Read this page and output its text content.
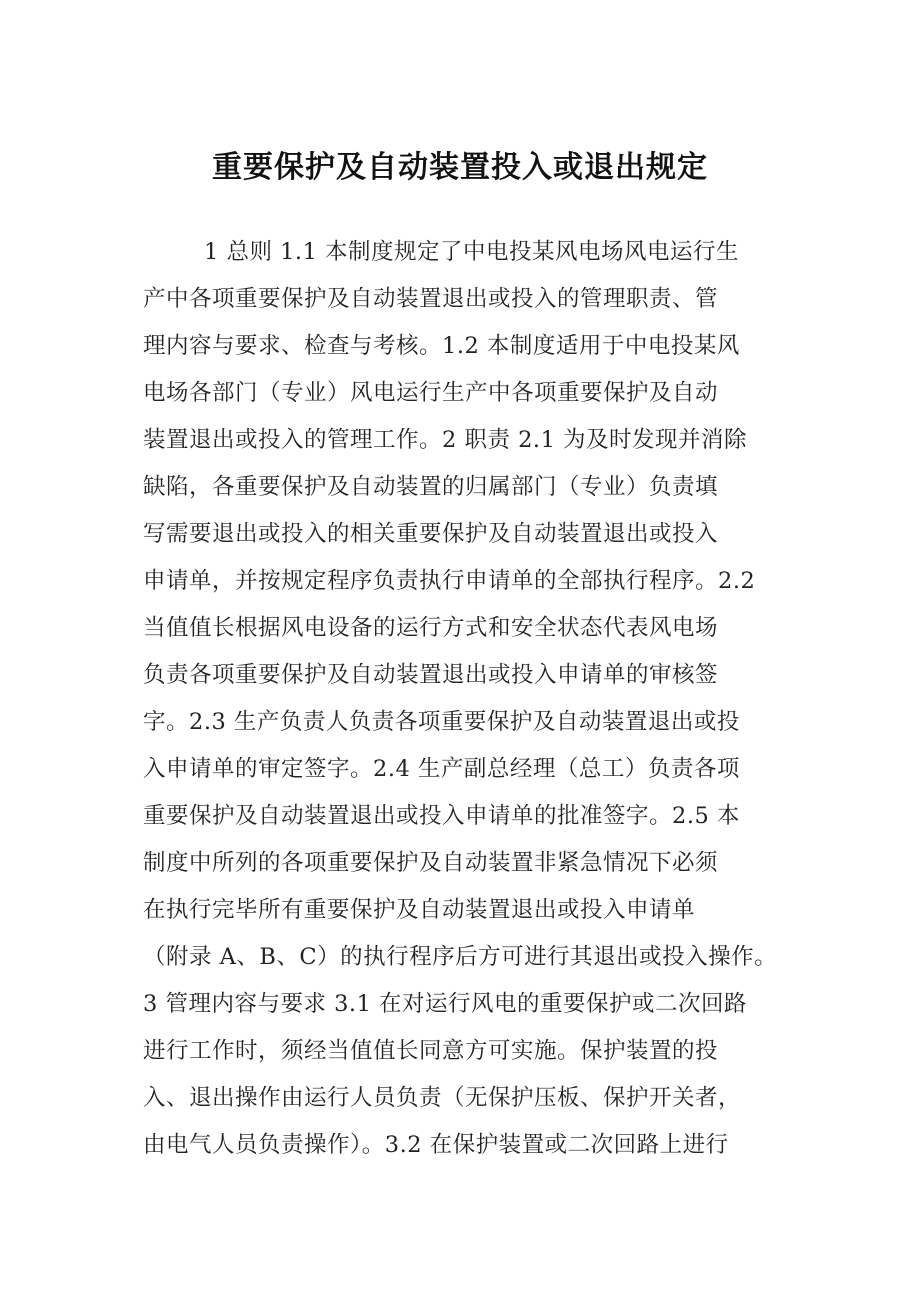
重要保护及自动装置投入或退出规定
1 总则 1.1 本制度规定了中电投某风电场风电运行生
产中各项重要保护及自动装置退出或投入的管理职责、管
理内容与要求、检查与考核。1.2 本制度适用于中电投某风
电场各部门（专业）风电运行生产中各项重要保护及自动
装置退出或投入的管理工作。2 职责 2.1 为及时发现并消除
缺陷，各重要保护及自动装置的归属部门（专业）负责填
写需要退出或投入的相关重要保护及自动装置退出或投入
申请单，并按规定程序负责执行申请单的全部执行程序。2.2
当值值长根据风电设备的运行方式和安全状态代表风电场
负责各项重要保护及自动装置退出或投入申请单的审核签
字。2.3 生产负责人负责各项重要保护及自动装置退出或投
入申请单的审定签字。2.4 生产副总经理（总工）负责各项
重要保护及自动装置退出或投入申请单的批准签字。2.5 本
制度中所列的各项重要保护及自动装置非紧急情况下必须
在执行完毕所有重要保护及自动装置退出或投入申请单
（附录 A、B、C）的执行程序后方可进行其退出或投入操作。
3 管理内容与要求 3.1 在对运行风电的重要保护或二次回路
进行工作时，须经当值值长同意方可实施。保护装置的投
入、退出操作由运行人员负责（无保护压板、保护开关者，
由电气人员负责操作）。3.2 在保护装置或二次回路上进行
